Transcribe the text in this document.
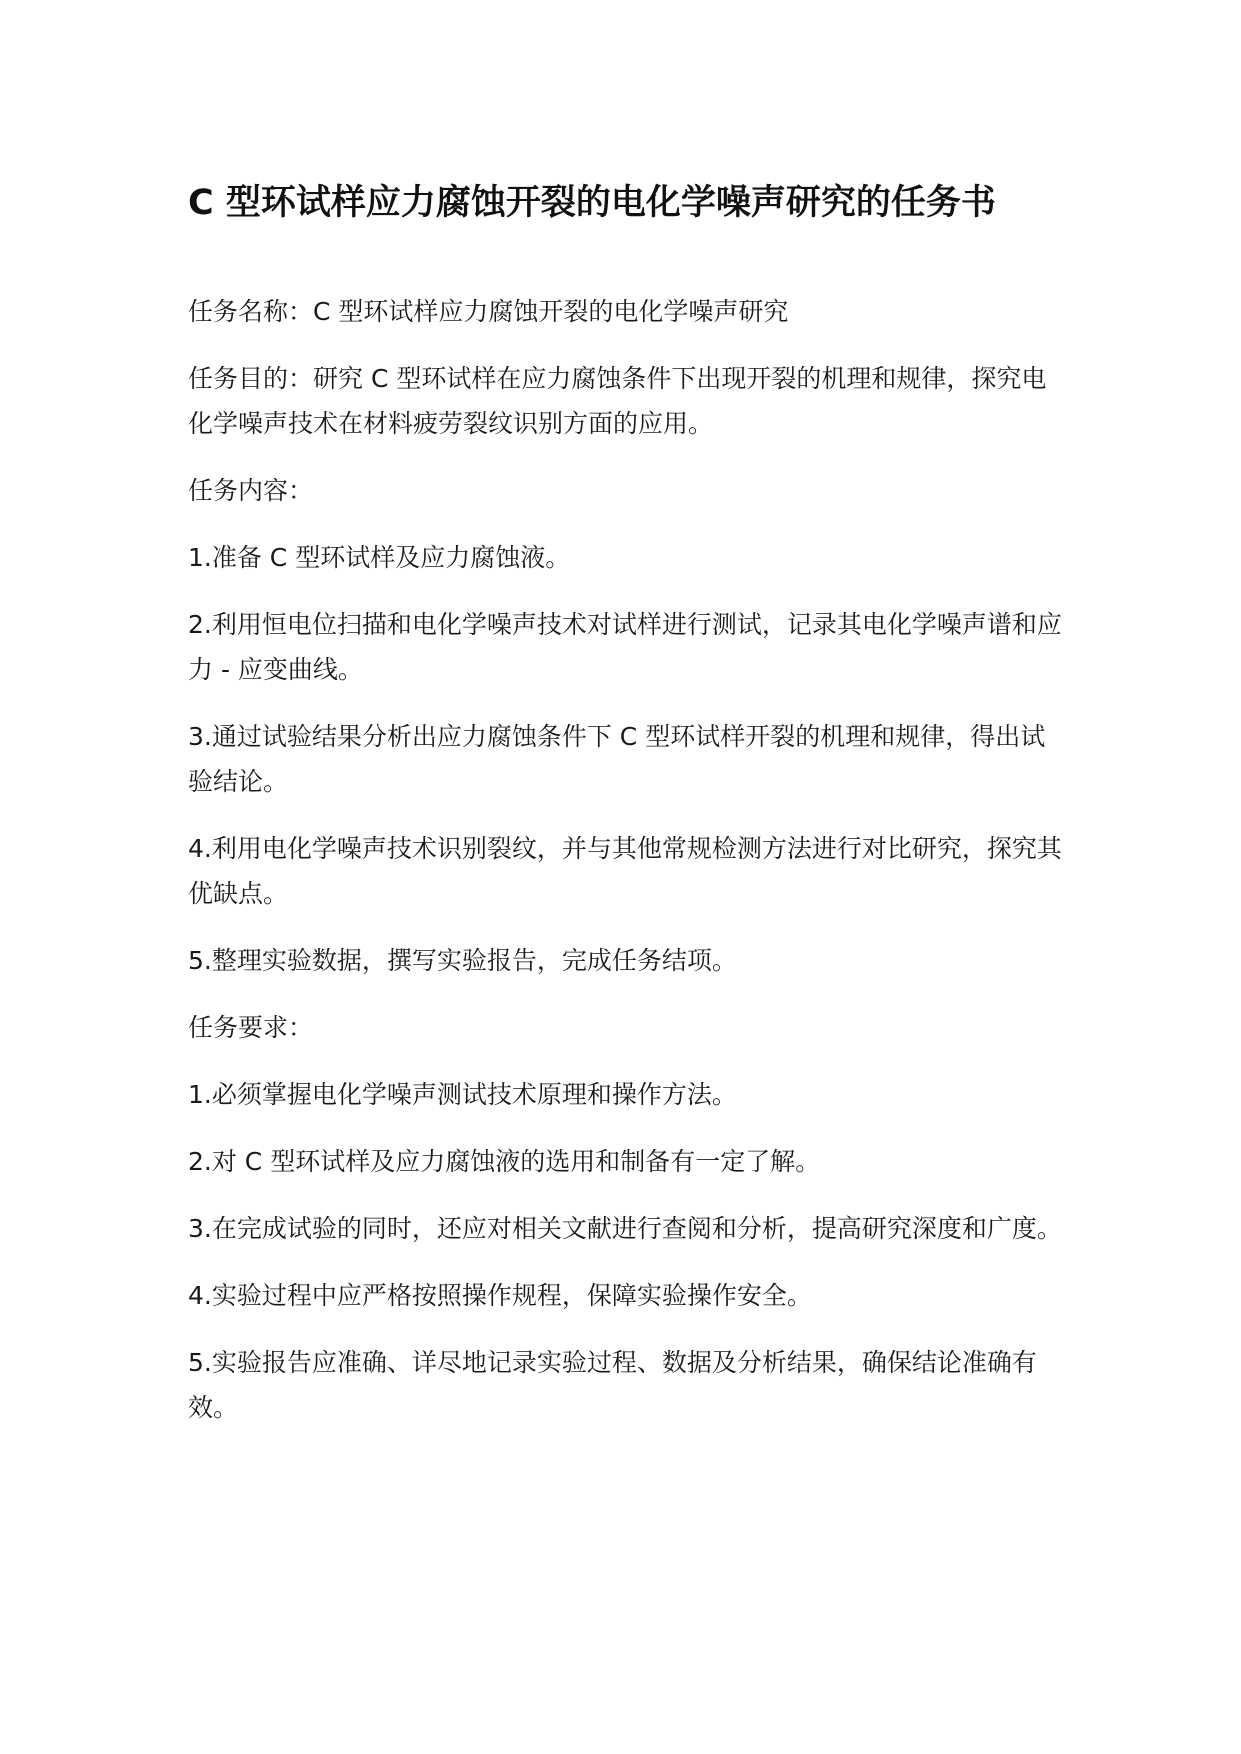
C 型环试样应力腐蚀开裂的电化学噪声研究的任务书

任务名称：C 型环试样应力腐蚀开裂的电化学噪声研究

任务目的：研究 C 型环试样在应力腐蚀条件下出现开裂的机理和规律，探究电化学噪声技术在材料疲劳裂纹识别方面的应用。

任务内容：

1.准备 C 型环试样及应力腐蚀液。

2.利用恒电位扫描和电化学噪声技术对试样进行测试，记录其电化学噪声谱和应力 - 应变曲线。

3.通过试验结果分析出应力腐蚀条件下 C 型环试样开裂的机理和规律，得出试验结论。

4.利用电化学噪声技术识别裂纹，并与其他常规检测方法进行对比研究，探究其优缺点。

5.整理实验数据，撰写实验报告，完成任务结项。

任务要求：

1.必须掌握电化学噪声测试技术原理和操作方法。

2.对 C 型环试样及应力腐蚀液的选用和制备有一定了解。

3.在完成试验的同时，还应对相关文献进行查阅和分析，提高研究深度和广度。

4.实验过程中应严格按照操作规程，保障实验操作安全。

5.实验报告应准确、详尽地记录实验过程、数据及分析结果，确保结论准确有效。
